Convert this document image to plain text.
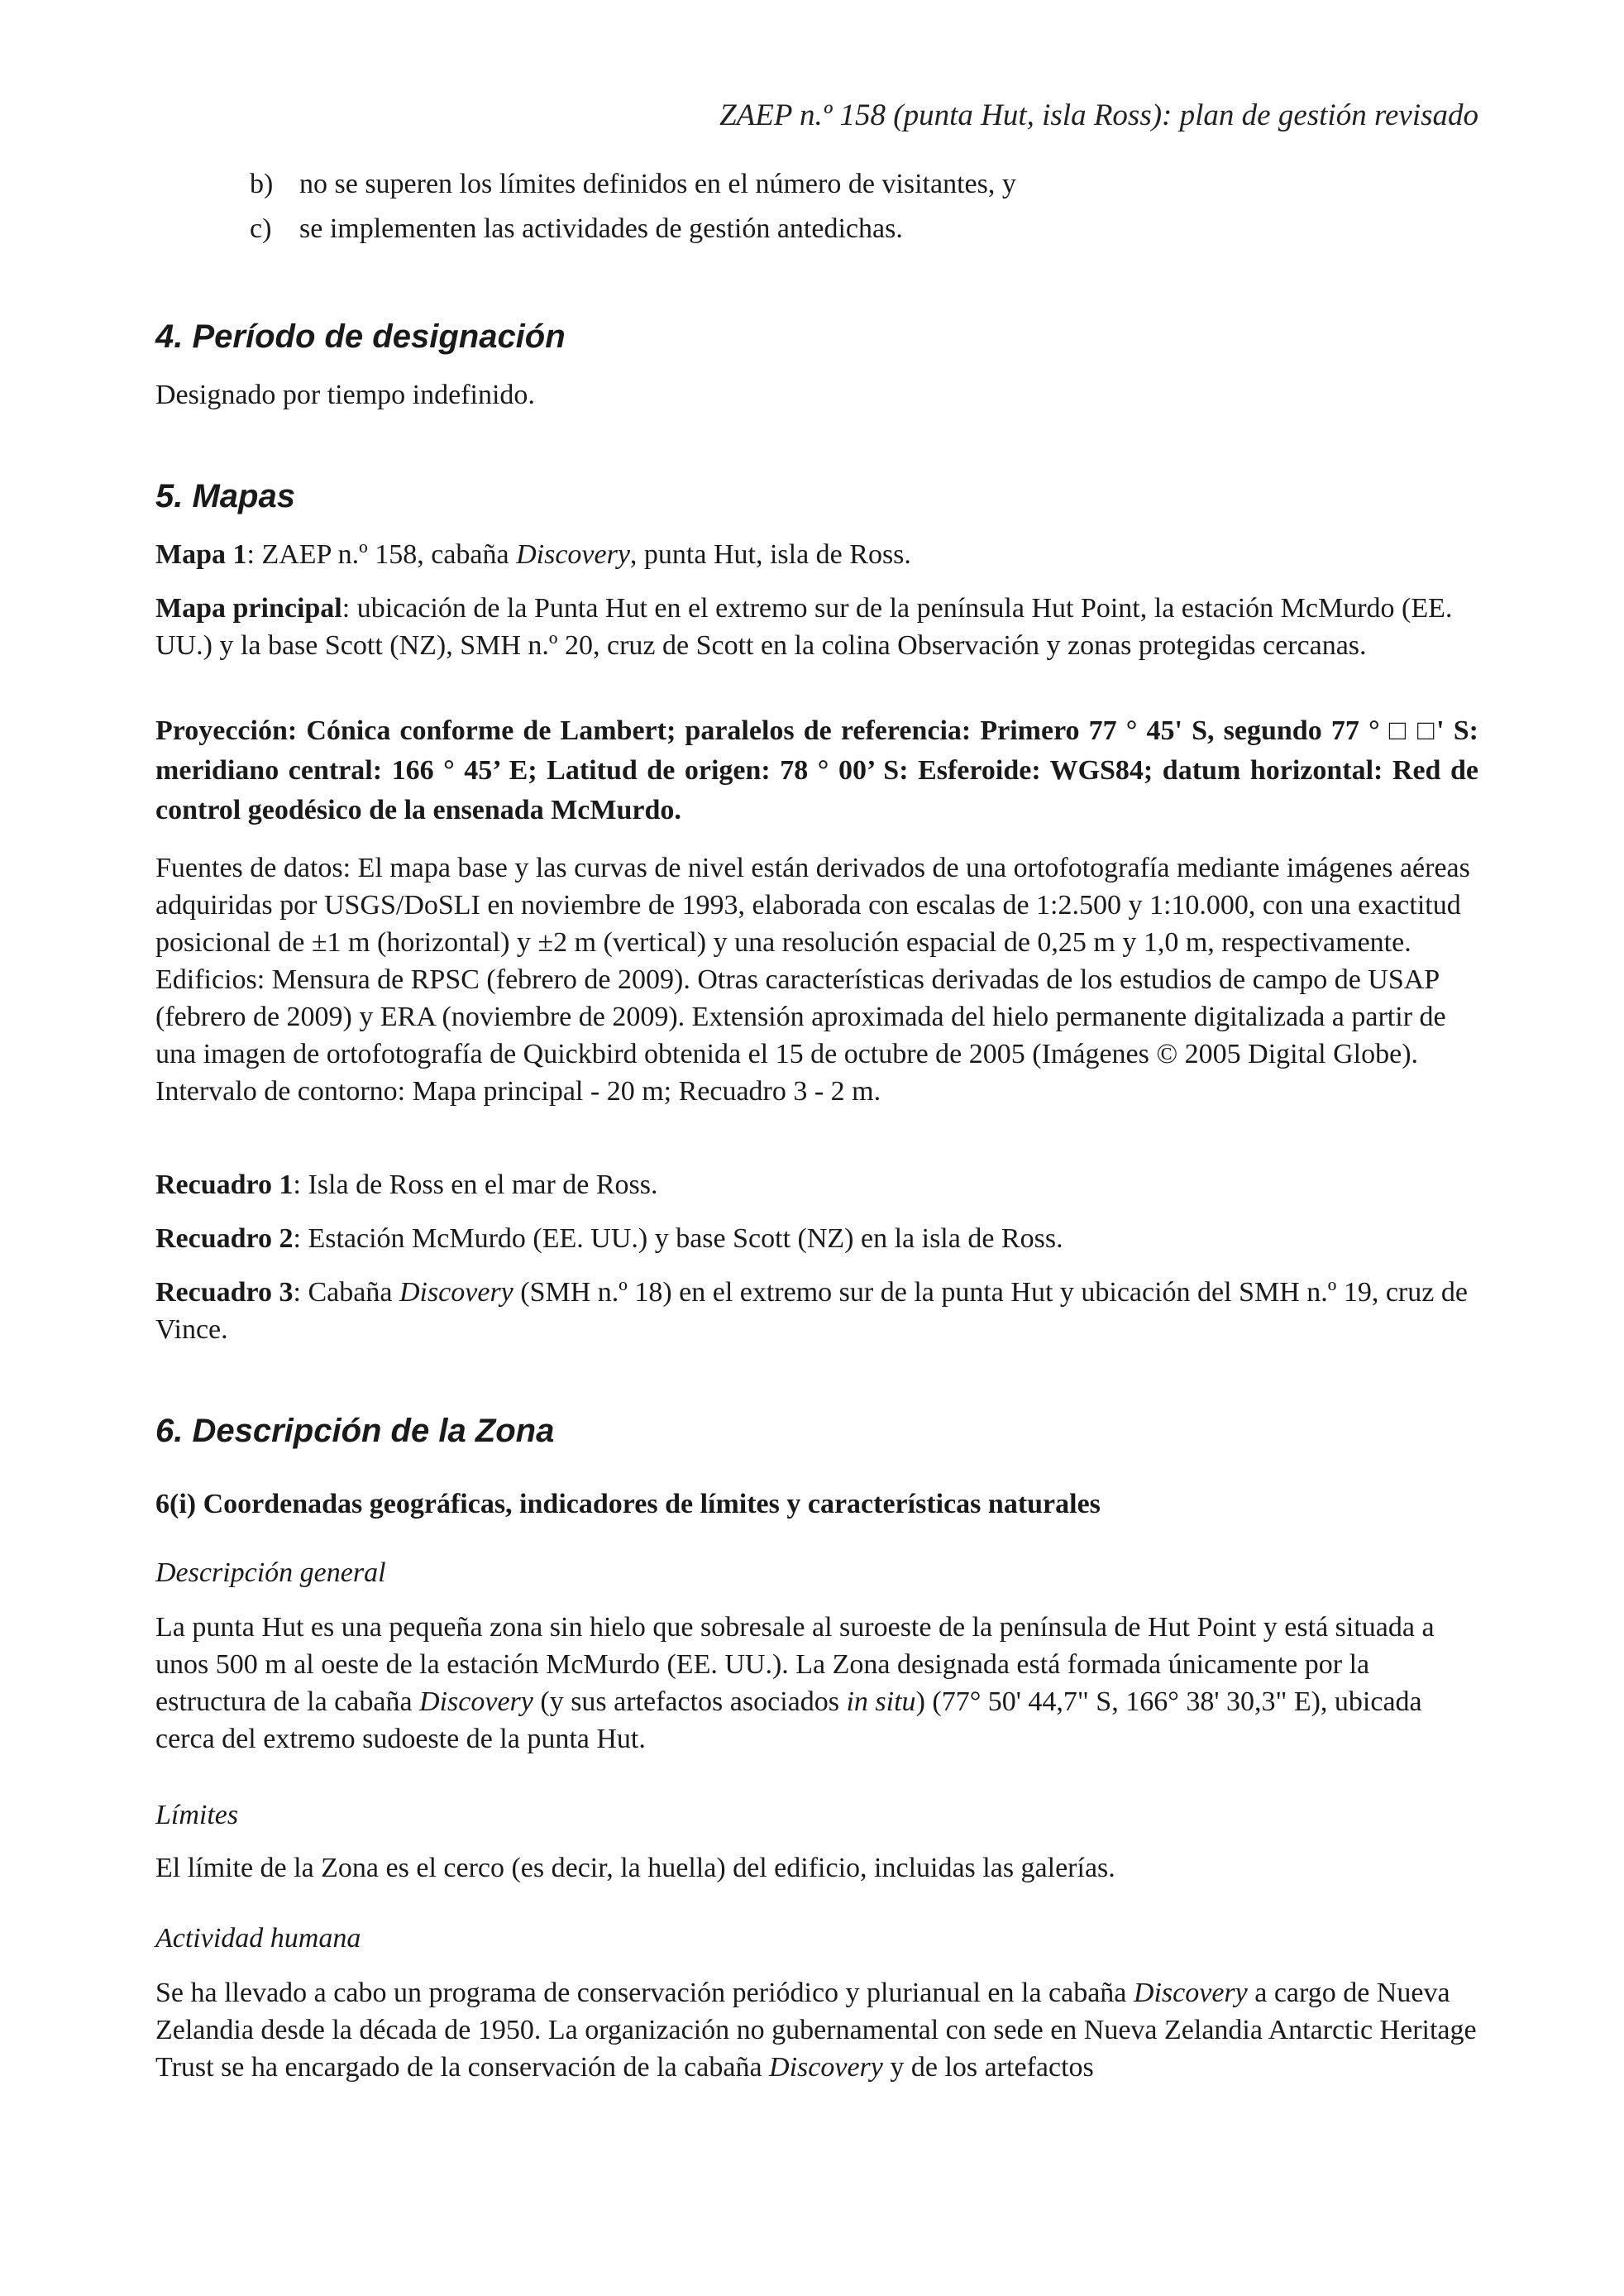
ZAEP n.º 158 (punta Hut, isla Ross): plan de gestión revisado
b) no se superen los límites definidos en el número de visitantes, y
c) se implementen las actividades de gestión antedichas.
4. Período de designación
Designado por tiempo indefinido.
5. Mapas
Mapa 1: ZAEP n.º 158, cabaña Discovery, punta Hut, isla de Ross.
Mapa principal: ubicación de la Punta Hut en el extremo sur de la península Hut Point, la estación McMurdo (EE. UU.) y la base Scott (NZ), SMH n.º 20, cruz de Scott en la colina Observación y zonas protegidas cercanas.
Proyección: Cónica conforme de Lambert; paralelos de referencia: Primero 77 ° 45' S, segundo 77 ° □ □' S: meridiano central: 166 ° 45’ E; Latitud de origen: 78 ° 00’ S: Esferoide: WGS84; datum horizontal: Red de control geodésico de la ensenada McMurdo.
Fuentes de datos: El mapa base y las curvas de nivel están derivados de una ortofotografía mediante imágenes aéreas adquiridas por USGS/DoSLI en noviembre de 1993, elaborada con escalas de 1:2.500 y 1:10.000, con una exactitud posicional de ±1 m (horizontal) y ±2 m (vertical) y una resolución espacial de 0,25 m y 1,0 m, respectivamente. Edificios: Mensura de RPSC (febrero de 2009). Otras características derivadas de los estudios de campo de USAP (febrero de 2009) y ERA (noviembre de 2009). Extensión aproximada del hielo permanente digitalizada a partir de una imagen de ortofotografía de Quickbird obtenida el 15 de octubre de 2005 (Imágenes © 2005 Digital Globe). Intervalo de contorno: Mapa principal - 20 m; Recuadro 3 - 2 m.
Recuadro 1: Isla de Ross en el mar de Ross.
Recuadro 2: Estación McMurdo (EE. UU.) y base Scott (NZ) en la isla de Ross.
Recuadro 3: Cabaña Discovery (SMH n.º 18) en el extremo sur de la punta Hut y ubicación del SMH n.º 19, cruz de Vince.
6. Descripción de la Zona
6(i) Coordenadas geográficas, indicadores de límites y características naturales
Descripción general
La punta Hut es una pequeña zona sin hielo que sobresale al suroeste de la península de Hut Point y está situada a unos 500 m al oeste de la estación McMurdo (EE. UU.). La Zona designada está formada únicamente por la estructura de la cabaña Discovery (y sus artefactos asociados in situ) (77° 50' 44,7" S, 166° 38' 30,3" E), ubicada cerca del extremo sudoeste de la punta Hut.
Límites
El límite de la Zona es el cerco (es decir, la huella) del edificio, incluidas las galerías.
Actividad humana
Se ha llevado a cabo un programa de conservación periódico y plurianual en la cabaña Discovery a cargo de Nueva Zelandia desde la década de 1950. La organización no gubernamental con sede en Nueva Zelandia Antarctic Heritage Trust se ha encargado de la conservación de la cabaña Discovery y de los artefactos
